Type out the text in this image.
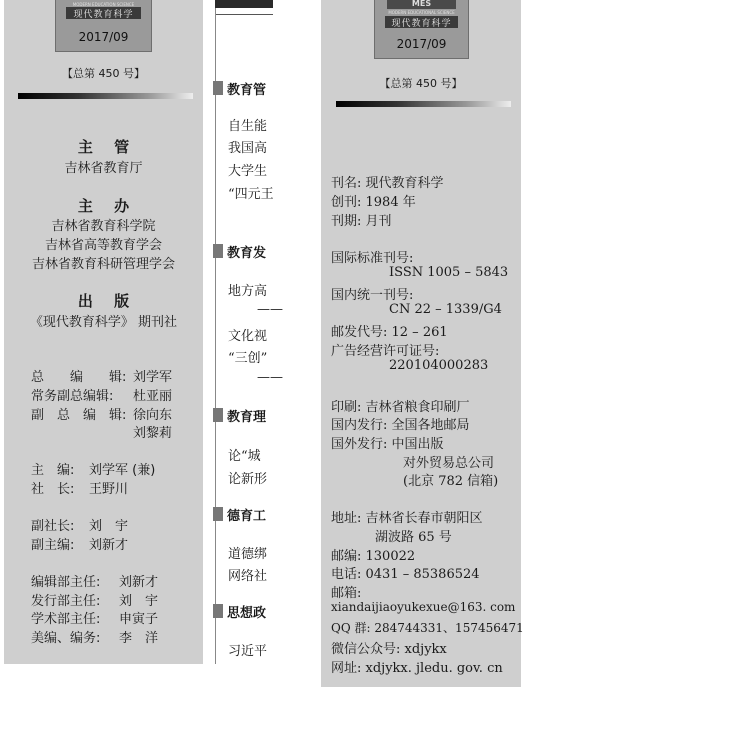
现代教育科学
MODERN EDUCATION SCIENCE
2017/09
【总第 450 号】
主 管
吉林省教育厅
主 办
吉林省教育科学院
吉林省高等教育学会
吉林省教育科研管理学会
出 版
《现代教育科学》 期刊社
总　　编　　辑: 刘学军
常务副总编辑: 杜亚丽
副　总　编　辑: 徐向东
刘黎莉
主　编: 刘学军 (兼)
社　长: 王野川
副社长: 刘　宇
副主编: 刘新才
编辑部主任: 刘新才
发行部主任: 刘　宇
学术部主任: 申寅子
美编、编务: 李　洋
教育管
自生能
我国高
大学生
“四元王
教育发
地方高
——
文化视
“三创”
——
教育理
论“城
论新形
德育工
道德绑
网络社
思想政
习近平
MES
MODERN EDUCATIONAL SCIENCE
现代教育科学
2017/09
【总第 450 号】
刊名: 现代教育科学
创刊: 1984 年
刊期: 月刊
国际标准刊号:
ISSN 1005 – 5843
国内统一刊号:
CN 22 – 1339/G4
邮发代号: 12 – 261
广告经营许可证号:
220104000283
印刷: 吉林省粮食印刷厂
国内发行: 全国各地邮局
国外发行: 中国出版
对外贸易总公司
(北京 782 信箱)
地址: 吉林省长春市朝阳区
湖波路 65 号
邮编: 130022
电话: 0431 – 85386524
邮箱:
xiandaijiaoyukexue@163. com
QQ 群: 284744331、157456471
微信公众号: xdjykx
网址: xdjykx. jledu. gov. cn
